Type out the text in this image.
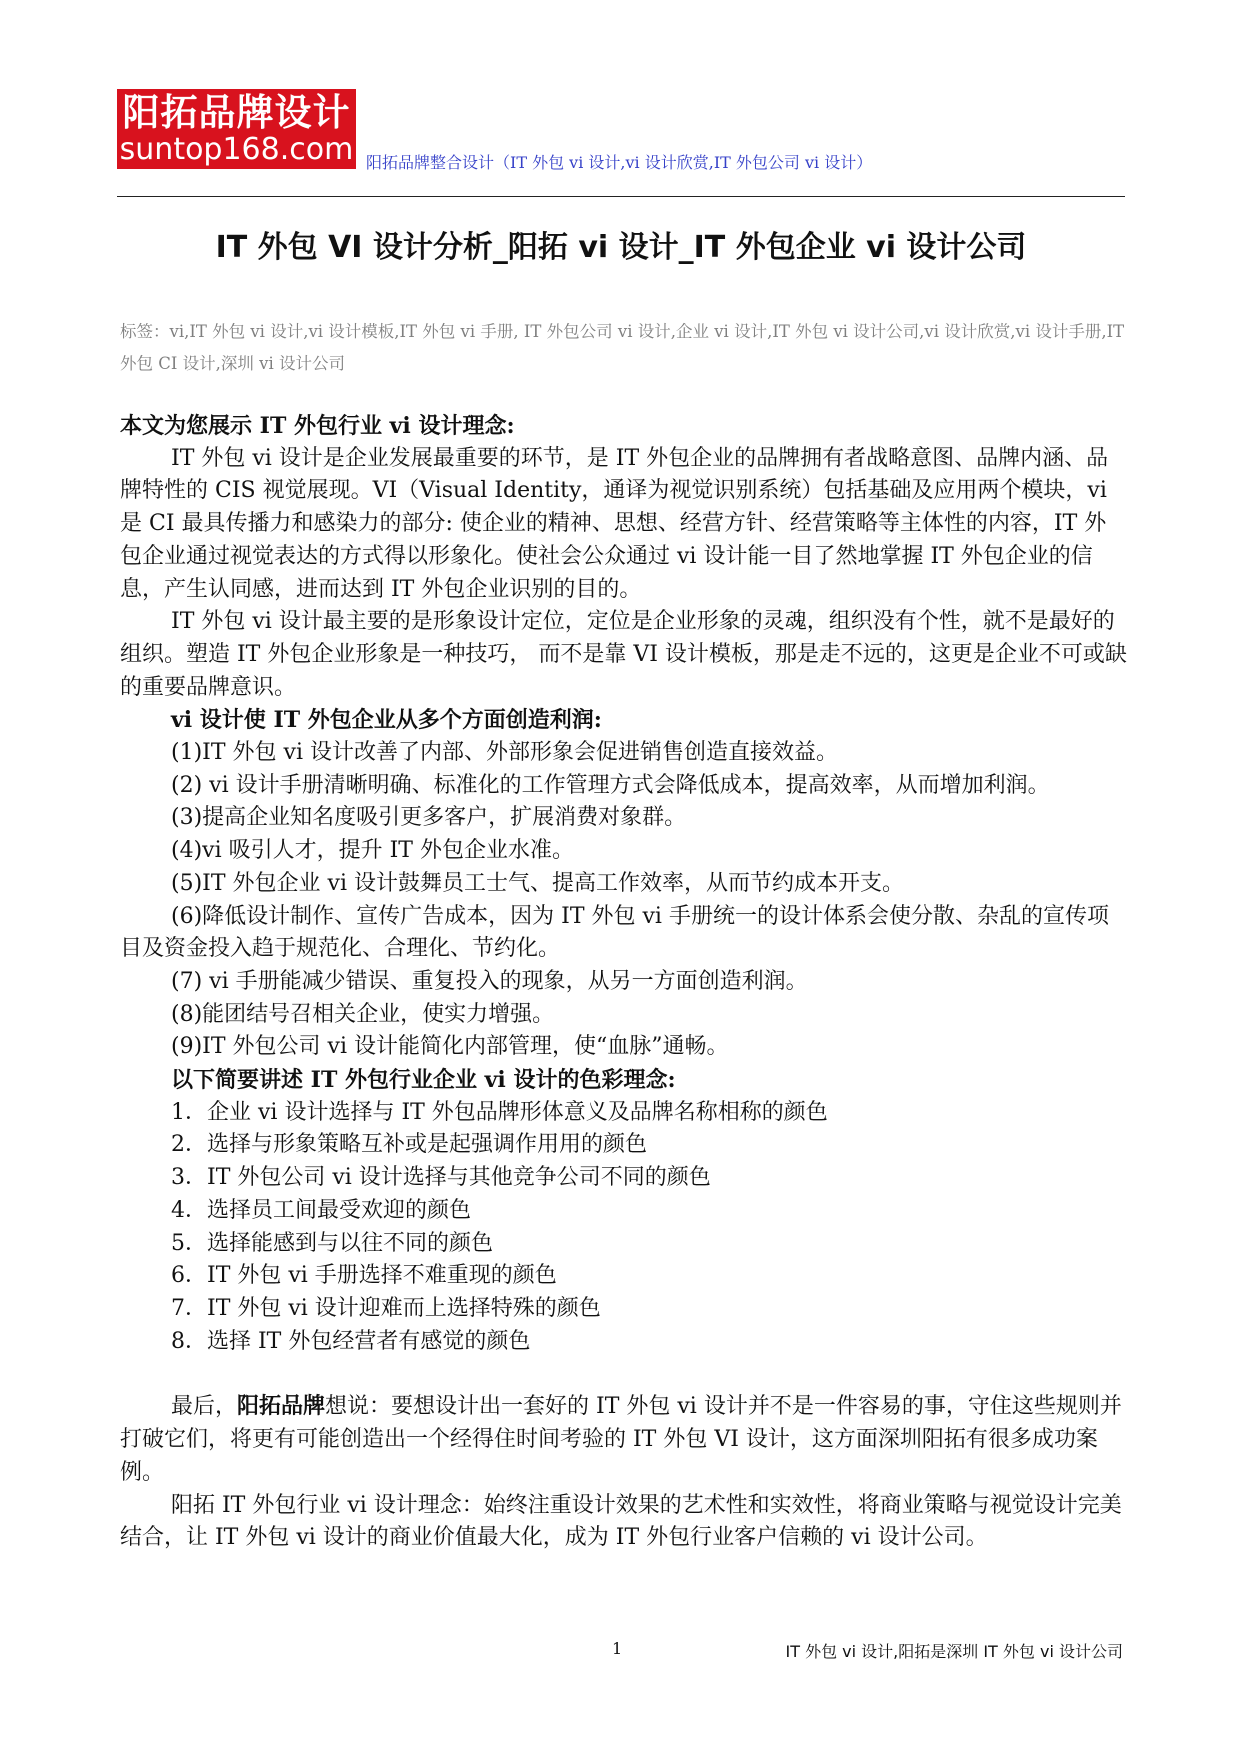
阳拓品牌设计
suntop168.com 阳拓品牌整合设计（IT 外包 vi 设计,vi 设计欣赏,IT 外包公司 vi 设计）
IT 外包 VI 设计分析_阳拓 vi 设计_IT 外包企业 vi 设计公司
标签：vi,IT 外包 vi 设计,vi 设计模板,IT 外包 vi 手册, IT 外包公司 vi 设计,企业 vi 设计,IT 外包 vi 设计公司,vi 设计欣赏,vi 设计手册,IT 外包 CI 设计,深圳 vi 设计公司

本文为您展示 IT 外包行业 vi 设计理念:

IT 外包 vi 设计是企业发展最重要的环节，是 IT 外包企业的品牌拥有者战略意图、品牌内涵、品牌特性的 CIS 视觉展现。VI（Visual Identity，通译为视觉识别系统）包括基础及应用两个模块，vi 是 CI 最具传播力和感染力的部分: 使企业的精神、思想、经营方针、经营策略等主体性的内容，IT 外包企业通过视觉表达的方式得以形象化。使社会公众通过 vi 设计能一目了然地掌握 IT 外包企业的信息，产生认同感，进而达到 IT 外包企业识别的目的。

IT 外包 vi 设计最主要的是形象设计定位，定位是企业形象的灵魂，组织没有个性，就不是最好的组织。塑造 IT 外包企业形象是一种技巧， 而不是靠 VI 设计模板，那是走不远的，这更是企业不可或缺的重要品牌意识。

vi 设计使 IT 外包企业从多个方面创造利润:

(1)IT 外包 vi 设计改善了内部、外部形象会促进销售创造直接效益。

(2) vi 设计手册清晰明确、标准化的工作管理方式会降低成本，提高效率，从而增加利润。

(3)提高企业知名度吸引更多客户，扩展消费对象群。

(4)vi 吸引人才，提升 IT 外包企业水准。

(5)IT 外包企业 vi 设计鼓舞员工士气、提高工作效率，从而节约成本开支。

(6)降低设计制作、宣传广告成本，因为 IT 外包 vi 手册统一的设计体系会使分散、杂乱的宣传项目及资金投入趋于规范化、合理化、节约化。

(7) vi 手册能减少错误、重复投入的现象，从另一方面创造利润。

(8)能团结号召相关企业，使实力增强。

(9)IT 外包公司 vi 设计能简化内部管理，使“血脉”通畅。

以下简要讲述 IT 外包行业企业 vi 设计的色彩理念:

1．企业 vi 设计选择与 IT 外包品牌形体意义及品牌名称相称的颜色

2．选择与形象策略互补或是起强调作用用的颜色

3．IT 外包公司 vi 设计选择与其他竞争公司不同的颜色

4．选择员工间最受欢迎的颜色

5．选择能感到与以往不同的颜色

6．IT 外包 vi 手册选择不难重现的颜色

7．IT 外包 vi 设计迎难而上选择特殊的颜色

8．选择 IT 外包经营者有感觉的颜色

最后，阳拓品牌想说：要想设计出一套好的 IT 外包 vi 设计并不是一件容易的事，守住这些规则并打破它们，将更有可能创造出一个经得住时间考验的 IT 外包 VI 设计，这方面深圳阳拓有很多成功案例。

阳拓 IT 外包行业 vi 设计理念：始终注重设计效果的艺术性和实效性，将商业策略与视觉设计完美结合，让 IT 外包 vi 设计的商业价值最大化，成为 IT 外包行业客户信赖的 vi 设计公司。

1	IT 外包 vi 设计,阳拓是深圳 IT 外包 vi 设计公司
